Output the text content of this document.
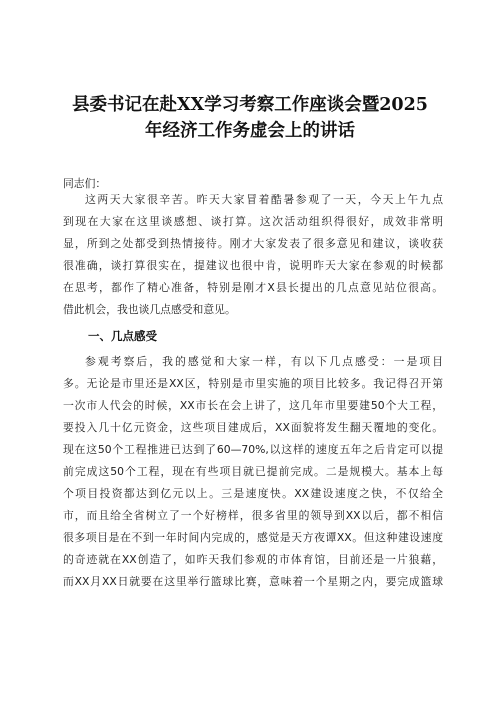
县委书记在赴XX学习考察工作座谈会暨2025
年经济工作务虚会上的讲话

同志们：

这两天大家很辛苦。昨天大家冒着酷暑参观了一天，今天上午九点

到现在大家在这里谈感想、谈打算。这次活动组织得很好，成效非常明

显，所到之处都受到热情接待。刚才大家发表了很多意见和建议，谈收获

很准确，谈打算很实在，提建议也很中肯，说明昨天大家在参观的时候都

在思考，都作了精心准备，特别是刚才X县长提出的几点意见站位很高。

借此机会，我也谈几点感受和意见。

一、几点感受

参观考察后，我的感觉和大家一样，有以下几点感受：一是项目

多。无论是市里还是XX区，特别是市里实施的项目比较多。我记得召开第

一次市人代会的时候，XX市长在会上讲了，这几年市里要建50个大工程，

要投入几十亿元资金，这些项目建成后，XX面貌将发生翻天覆地的变化。

现在这50个工程推进已达到了60—70%,以这样的速度五年之后肯定可以提

前完成这50个工程，现在有些项目就已提前完成。二是规模大。基本上每

个项目投资都达到亿元以上。三是速度快。XX建设速度之快，不仅给全

市，而且给全省树立了一个好榜样，很多省里的领导到XX以后，都不相信

很多项目是在不到一年时间内完成的，感觉是天方夜谭XX。但这种建设速度

的奇迹就在XX创造了，如昨天我们参观的市体育馆，目前还是一片狼藉，

而XX月XX日就要在这里举行篮球比赛，意味着一个星期之内，要完成篮球
